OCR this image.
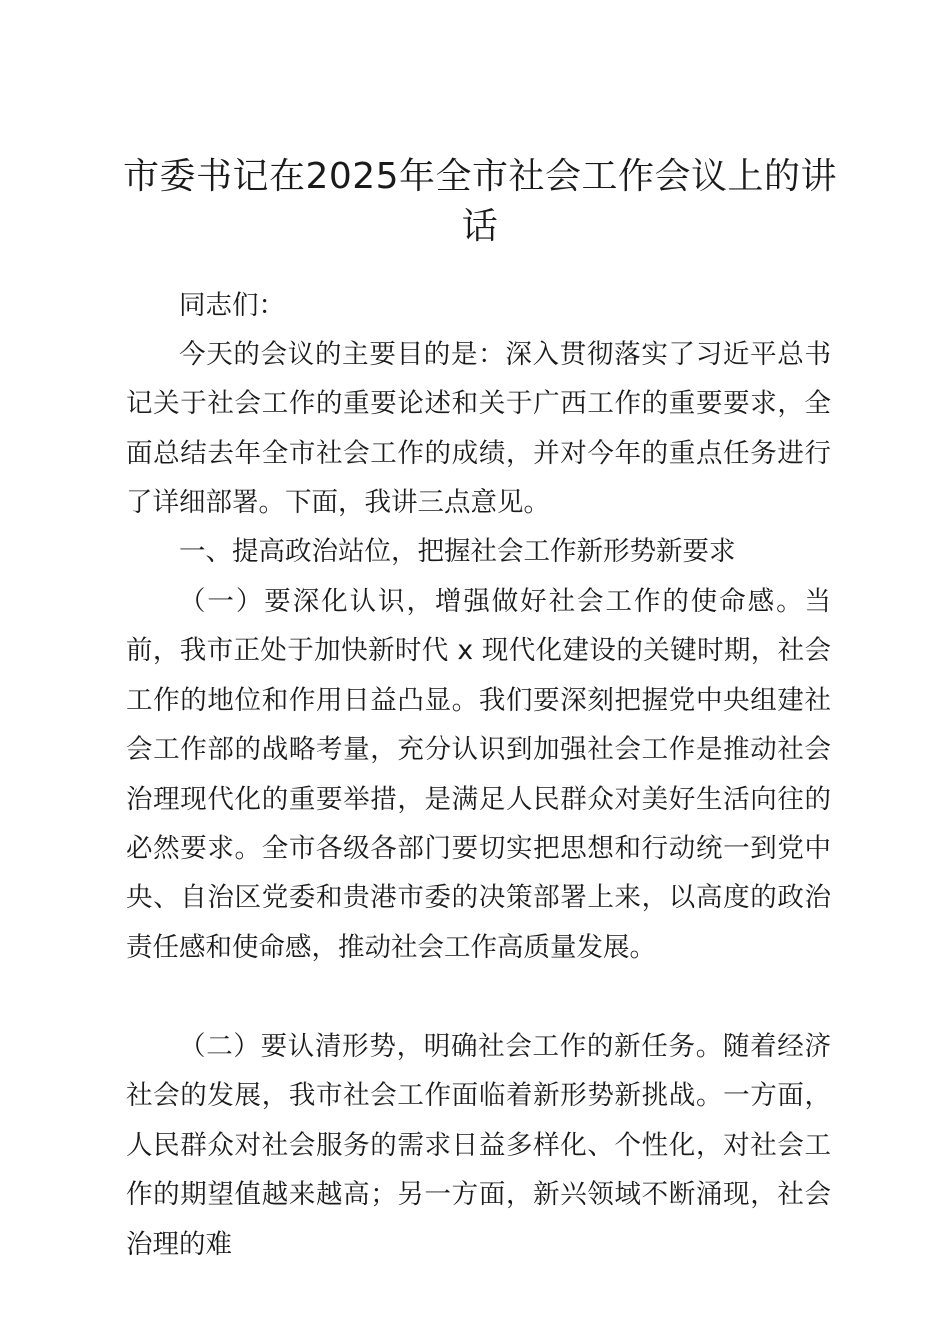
市委书记在2025年全市社会工作会议上的讲话

同志们：

今天的会议的主要目的是：深入贯彻落实了习近平总书记关于社会工作的重要论述和关于广西工作的重要要求，全面总结去年全市社会工作的成绩，并对今年的重点任务进行了详细部署。下面，我讲三点意见。

一、提高政治站位，把握社会工作新形势新要求

（一）要深化认识，增强做好社会工作的使命感。当前，我市正处于加快新时代 x 现代化建设的关键时期，社会工作的地位和作用日益凸显。我们要深刻把握党中央组建社会工作部的战略考量，充分认识到加强社会工作是推动社会治理现代化的重要举措，是满足人民群众对美好生活向往的必然要求。全市各级各部门要切实把思想和行动统一到党中央、自治区党委和贵港市委的决策部署上来，以高度的政治责任感和使命感，推动社会工作高质量发展。

（二）要认清形势，明确社会工作的新任务。随着经济社会的发展，我市社会工作面临着新形势新挑战。一方面，人民群众对社会服务的需求日益多样化、个性化，对社会工作的期望值越来越高；另一方面，新兴领域不断涌现，社会治理的难
